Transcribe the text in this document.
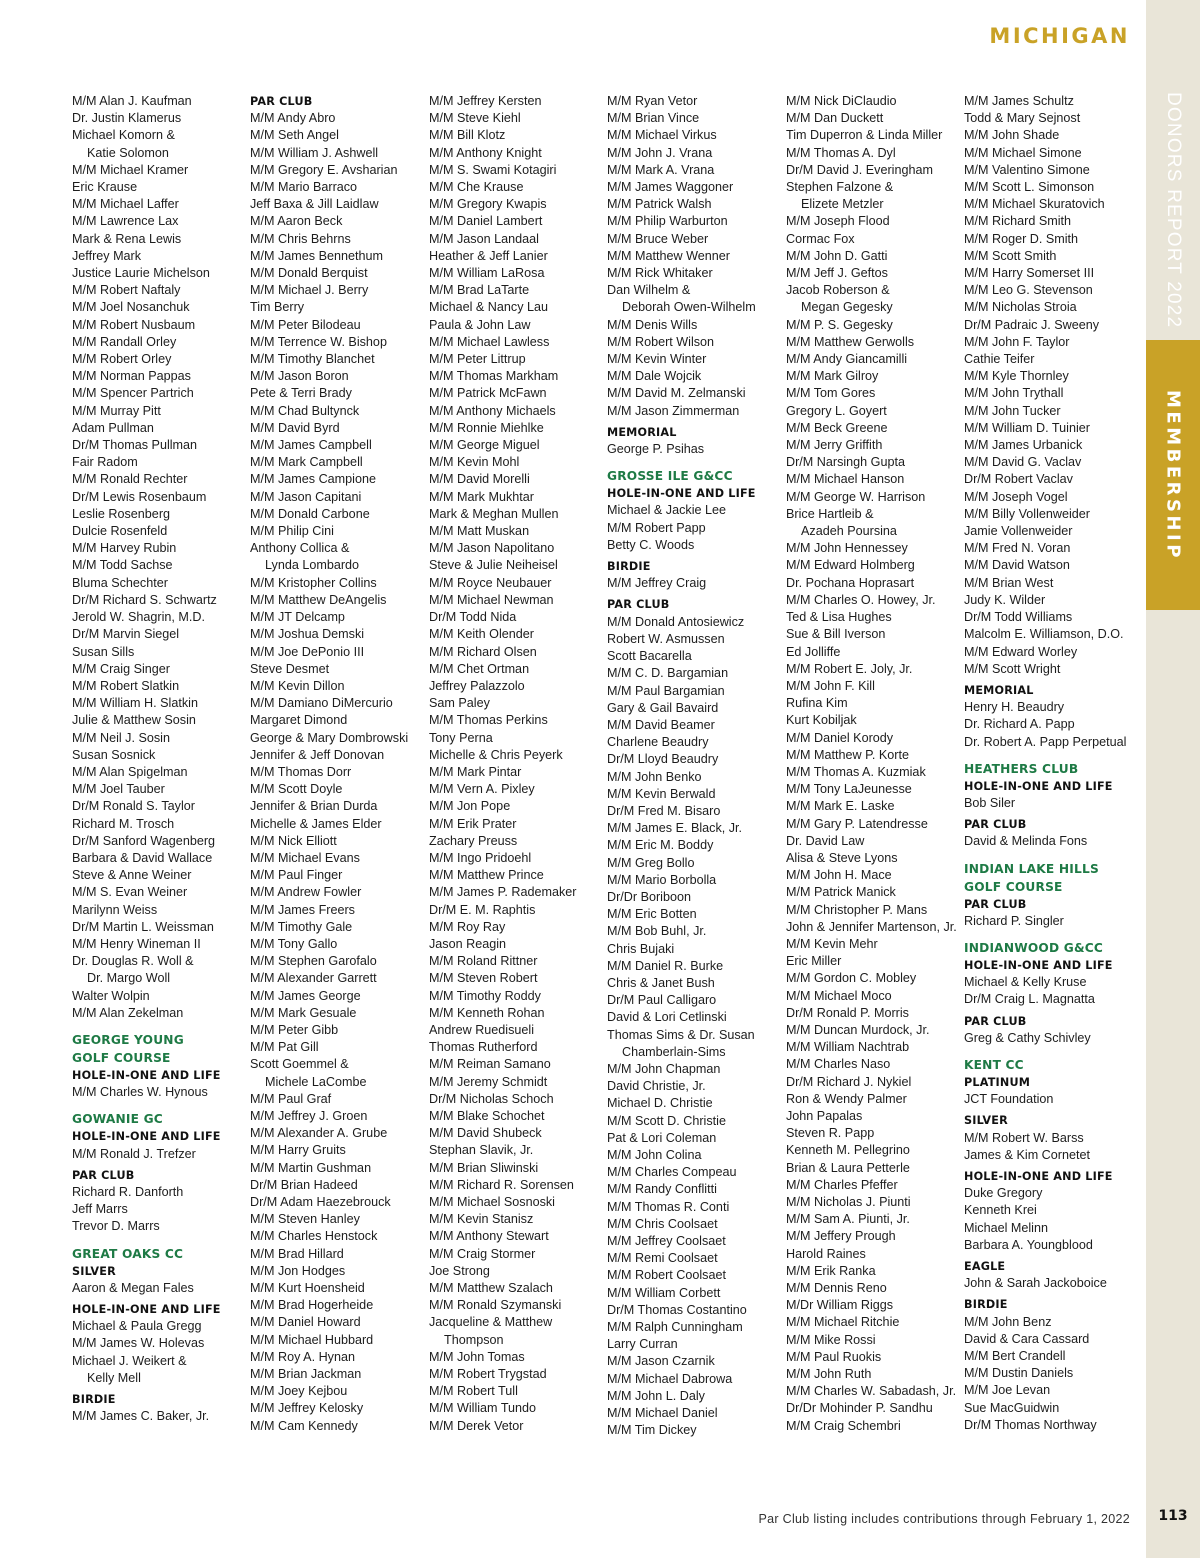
MICHIGAN
DONORS REPORT 2022
MEMBERSHIP
M/M Alan J. Kaufman
Dr. Justin Klamerus
Michael Komorn &
Katie Solomon
M/M Michael Kramer
Eric Krause
M/M Michael Laffer
M/M Lawrence Lax
Mark & Rena Lewis
Jeffrey Mark
Justice Laurie Michelson
M/M Robert Naftaly
M/M Joel Nosanchuk
M/M Robert Nusbaum
M/M Randall Orley
M/M Robert Orley
M/M Norman Pappas
M/M Spencer Partrich
M/M Murray Pitt
Adam Pullman
Dr/M Thomas Pullman
Fair Radom
M/M Ronald Rechter
Dr/M Lewis Rosenbaum
Leslie Rosenberg
Dulcie Rosenfeld
M/M Harvey Rubin
M/M Todd Sachse
Bluma Schechter
Dr/M Richard S. Schwartz
Jerold W. Shagrin, M.D.
Dr/M Marvin Siegel
Susan Sills
M/M Craig Singer
M/M Robert Slatkin
M/M William H. Slatkin
Julie & Matthew Sosin
M/M Neil J. Sosin
Susan Sosnick
M/M Alan Spigelman
M/M Joel Tauber
Dr/M Ronald S. Taylor
Richard M. Trosch
Dr/M Sanford Wagenberg
Barbara & David Wallace
Steve & Anne Weiner
M/M S. Evan Weiner
Marilynn Weiss
Dr/M Martin L. Weissman
M/M Henry Wineman II
Dr. Douglas R. Woll &
Dr. Margo Woll
Walter Wolpin
M/M Alan Zekelman
GEORGE YOUNG
GOLF COURSE
HOLE-IN-ONE AND LIFE
M/M Charles W. Hynous
GOWANIE GC
HOLE-IN-ONE AND LIFE
M/M Ronald J. Trefzer
PAR CLUB
Richard R. Danforth
Jeff Marrs
Trevor D. Marrs
GREAT OAKS CC
SILVER
Aaron & Megan Fales
HOLE-IN-ONE AND LIFE
Michael & Paula Gregg
M/M James W. Holevas
Michael J. Weikert &
Kelly Mell
BIRDIE
M/M James C. Baker, Jr.
PAR CLUB
M/M Andy Abro
M/M Seth Angel
M/M William J. Ashwell
M/M Gregory E. Avsharian
M/M Mario Barraco
Jeff Baxa & Jill Laidlaw
M/M Aaron Beck
M/M Chris Behrns
M/M James Bennethum
M/M Donald Berquist
M/M Michael J. Berry
Tim Berry
M/M Peter Bilodeau
M/M Terrence W. Bishop
M/M Timothy Blanchet
M/M Jason Boron
Pete & Terri Brady
M/M Chad Bultynck
M/M David Byrd
M/M James Campbell
M/M Mark Campbell
M/M James Campione
M/M Jason Capitani
M/M Donald Carbone
M/M Philip Cini
Anthony Collica &
Lynda Lombardo
M/M Kristopher Collins
M/M Matthew DeAngelis
M/M JT Delcamp
M/M Joshua Demski
M/M Joe DePonio III
Steve Desmet
M/M Kevin Dillon
M/M Damiano DiMercurio
Margaret Dimond
George & Mary Dombrowski
Jennifer & Jeff Donovan
M/M Thomas Dorr
M/M Scott Doyle
Jennifer & Brian Durda
Michelle & James Elder
M/M Nick Elliott
M/M Michael Evans
M/M Paul Finger
M/M Andrew Fowler
M/M James Freers
M/M Timothy Gale
M/M Tony Gallo
M/M Stephen Garofalo
M/M Alexander Garrett
M/M James George
M/M Mark Gesuale
M/M Peter Gibb
M/M Pat Gill
Scott Goemmel &
Michele LaCombe
M/M Paul Graf
M/M Jeffrey J. Groen
M/M Alexander A. Grube
M/M Harry Gruits
M/M Martin Gushman
Dr/M Brian Hadeed
Dr/M Adam Haezebrouck
M/M Steven Hanley
M/M Charles Henstock
M/M Brad Hillard
M/M Jon Hodges
M/M Kurt Hoensheid
M/M Brad Hogerheide
M/M Daniel Howard
M/M Michael Hubbard
M/M Roy A. Hynan
M/M Brian Jackman
M/M Joey Kejbou
M/M Jeffrey Kelosky
M/M Cam Kennedy
M/M Jeffrey Kersten
M/M Steve Kiehl
M/M Bill Klotz
M/M Anthony Knight
M/M S. Swami Kotagiri
M/M Che Krause
M/M Gregory Kwapis
M/M Daniel Lambert
M/M Jason Landaal
Heather & Jeff Lanier
M/M William LaRosa
M/M Brad LaTarte
Michael & Nancy Lau
Paula & John Law
M/M Michael Lawless
M/M Peter Littrup
M/M Thomas Markham
M/M Patrick McFawn
M/M Anthony Michaels
M/M Ronnie Miehlke
M/M George Miguel
M/M Kevin Mohl
M/M David Morelli
M/M Mark Mukhtar
Mark & Meghan Mullen
M/M Matt Muskan
M/M Jason Napolitano
Steve & Julie Neiheisel
M/M Royce Neubauer
M/M Michael Newman
Dr/M Todd Nida
M/M Keith Olender
M/M Richard Olsen
M/M Chet Ortman
Jeffrey Palazzolo
Sam Paley
M/M Thomas Perkins
Tony Perna
Michelle & Chris Peyerk
M/M Mark Pintar
M/M Vern A. Pixley
M/M Jon Pope
M/M Erik Prater
Zachary Preuss
M/M Ingo Pridoehl
M/M Matthew Prince
M/M James P. Rademaker
Dr/M E. M. Raphtis
M/M Roy Ray
Jason Reagin
M/M Roland Rittner
M/M Steven Robert
M/M Timothy Roddy
M/M Kenneth Rohan
Andrew Ruedisueli
Thomas Rutherford
M/M Reiman Samano
M/M Jeremy Schmidt
Dr/M Nicholas Schoch
M/M Blake Schochet
M/M David Shubeck
Stephan Slavik, Jr.
M/M Brian Sliwinski
M/M Richard R. Sorensen
M/M Michael Sosnoski
M/M Kevin Stanisz
M/M Anthony Stewart
M/M Craig Stormer
Joe Strong
M/M Matthew Szalach
M/M Ronald Szymanski
Jacqueline & Matthew
Thompson
M/M John Tomas
M/M Robert Trygstad
M/M Robert Tull
M/M William Tundo
M/M Derek Vetor
M/M Ryan Vetor
M/M Brian Vince
M/M Michael Virkus
M/M John J. Vrana
M/M Mark A. Vrana
M/M James Waggoner
M/M Patrick Walsh
M/M Philip Warburton
M/M Bruce Weber
M/M Matthew Wenner
M/M Rick Whitaker
Dan Wilhelm &
Deborah Owen-Wilhelm
M/M Denis Wills
M/M Robert Wilson
M/M Kevin Winter
M/M Dale Wojcik
M/M David M. Zelmanski
M/M Jason Zimmerman
MEMORIAL
George P. Psihas
GROSSE ILE G&CC
HOLE-IN-ONE AND LIFE
Michael & Jackie Lee
M/M Robert Papp
Betty C. Woods
BIRDIE
M/M Jeffrey Craig
PAR CLUB
M/M Donald Antosiewicz
Robert W. Asmussen
Scott Bacarella
M/M C. D. Bargamian
M/M Paul Bargamian
Gary & Gail Bavaird
M/M David Beamer
Charlene Beaudry
Dr/M Lloyd Beaudry
M/M John Benko
M/M Kevin Berwald
Dr/M Fred M. Bisaro
M/M James E. Black, Jr.
M/M Eric M. Boddy
M/M Greg Bollo
M/M Mario Borbolla
Dr/Dr Boriboon
M/M Eric Botten
M/M Bob Buhl, Jr.
Chris Bujaki
M/M Daniel R. Burke
Chris & Janet Bush
Dr/M Paul Calligaro
David & Lori Cetlinski
Thomas Sims & Dr. Susan
Chamberlain-Sims
M/M John Chapman
David Christie, Jr.
Michael D. Christie
M/M Scott D. Christie
Pat & Lori Coleman
M/M John Colina
M/M Charles Compeau
M/M Randy Conflitti
M/M Thomas R. Conti
M/M Chris Coolsaet
M/M Jeffrey Coolsaet
M/M Remi Coolsaet
M/M Robert Coolsaet
M/M William Corbett
Dr/M Thomas Costantino
M/M Ralph Cunningham
Larry Curran
M/M Jason Czarnik
M/M Michael Dabrowa
M/M John L. Daly
M/M Michael Daniel
M/M Tim Dickey
M/M Nick DiClaudio
M/M Dan Duckett
Tim Duperron & Linda Miller
M/M Thomas A. Dyl
Dr/M David J. Everingham
Stephen Falzone &
Elizete Metzler
M/M Joseph Flood
Cormac Fox
M/M John D. Gatti
M/M Jeff J. Geftos
Jacob Roberson &
Megan Gegesky
M/M P. S. Gegesky
M/M Matthew Gerwolls
M/M Andy Giancamilli
M/M Mark Gilroy
M/M Tom Gores
Gregory L. Goyert
M/M Beck Greene
M/M Jerry Griffith
Dr/M Narsingh Gupta
M/M Michael Hanson
M/M George W. Harrison
Brice Hartleib &
Azadeh Poursina
M/M John Hennessey
M/M Edward Holmberg
Dr. Pochana Hoprasart
M/M Charles O. Howey, Jr.
Ted & Lisa Hughes
Sue & Bill Iverson
Ed Jolliffe
M/M Robert E. Joly, Jr.
M/M John F. Kill
Rufina Kim
Kurt Kobiljak
M/M Daniel Korody
M/M Matthew P. Korte
M/M Thomas A. Kuzmiak
M/M Tony LaJeunesse
M/M Mark E. Laske
M/M Gary P. Latendresse
Dr. David Law
Alisa & Steve Lyons
M/M John H. Mace
M/M Patrick Manick
M/M Christopher P. Mans
John & Jennifer Martenson, Jr.
M/M Kevin Mehr
Eric Miller
M/M Gordon C. Mobley
M/M Michael Moco
Dr/M Ronald P. Morris
M/M Duncan Murdock, Jr.
M/M William Nachtrab
M/M Charles Naso
Dr/M Richard J. Nykiel
Ron & Wendy Palmer
John Papalas
Steven R. Papp
Kenneth M. Pellegrino
Brian & Laura Petterle
M/M Charles Pfeffer
M/M Nicholas J. Piunti
M/M Sam A. Piunti, Jr.
M/M Jeffery Prough
Harold Raines
M/M Erik Ranka
M/M Dennis Reno
M/Dr William Riggs
M/M Michael Ritchie
M/M Mike Rossi
M/M Paul Ruokis
M/M John Ruth
M/M Charles W. Sabadash, Jr.
Dr/Dr Mohinder P. Sandhu
M/M Craig Schembri
M/M James Schultz
Todd & Mary Sejnost
M/M John Shade
M/M Michael Simone
M/M Valentino Simone
M/M Scott L. Simonson
M/M Michael Skuratovich
M/M Richard Smith
M/M Roger D. Smith
M/M Scott Smith
M/M Harry Somerset III
M/M Leo G. Stevenson
M/M Nicholas Stroia
Dr/M Padraic J. Sweeny
M/M John F. Taylor
Cathie Teifer
M/M Kyle Thornley
M/M John Trythall
M/M John Tucker
M/M William D. Tuinier
M/M James Urbanick
M/M David G. Vaclav
Dr/M Robert Vaclav
M/M Joseph Vogel
M/M Billy Vollenweider
Jamie Vollenweider
M/M Fred N. Voran
M/M David Watson
M/M Brian West
Judy K. Wilder
Dr/M Todd Williams
Malcolm E. Williamson, D.O.
M/M Edward Worley
M/M Scott Wright
MEMORIAL
Henry H. Beaudry
Dr. Richard A. Papp
Dr. Robert A. Papp Perpetual
HEATHERS CLUB
HOLE-IN-ONE AND LIFE
Bob Siler
PAR CLUB
David & Melinda Fons
INDIAN LAKE HILLS
GOLF COURSE
PAR CLUB
Richard P. Singler
INDIANWOOD G&CC
HOLE-IN-ONE AND LIFE
Michael & Kelly Kruse
Dr/M Craig L. Magnatta
PAR CLUB
Greg & Cathy Schivley
KENT CC
PLATINUM
JCT Foundation
SILVER
M/M Robert W. Barss
James & Kim Cornetet
HOLE-IN-ONE AND LIFE
Duke Gregory
Kenneth Krei
Michael Melinn
Barbara A. Youngblood
EAGLE
John & Sarah Jackoboice
BIRDIE
M/M John Benz
David & Cara Cassard
M/M Bert Crandell
M/M Dustin Daniels
M/M Joe Levan
Sue MacGuidwin
Dr/M Thomas Northway
Par Club listing includes contributions through February 1, 2022	113
